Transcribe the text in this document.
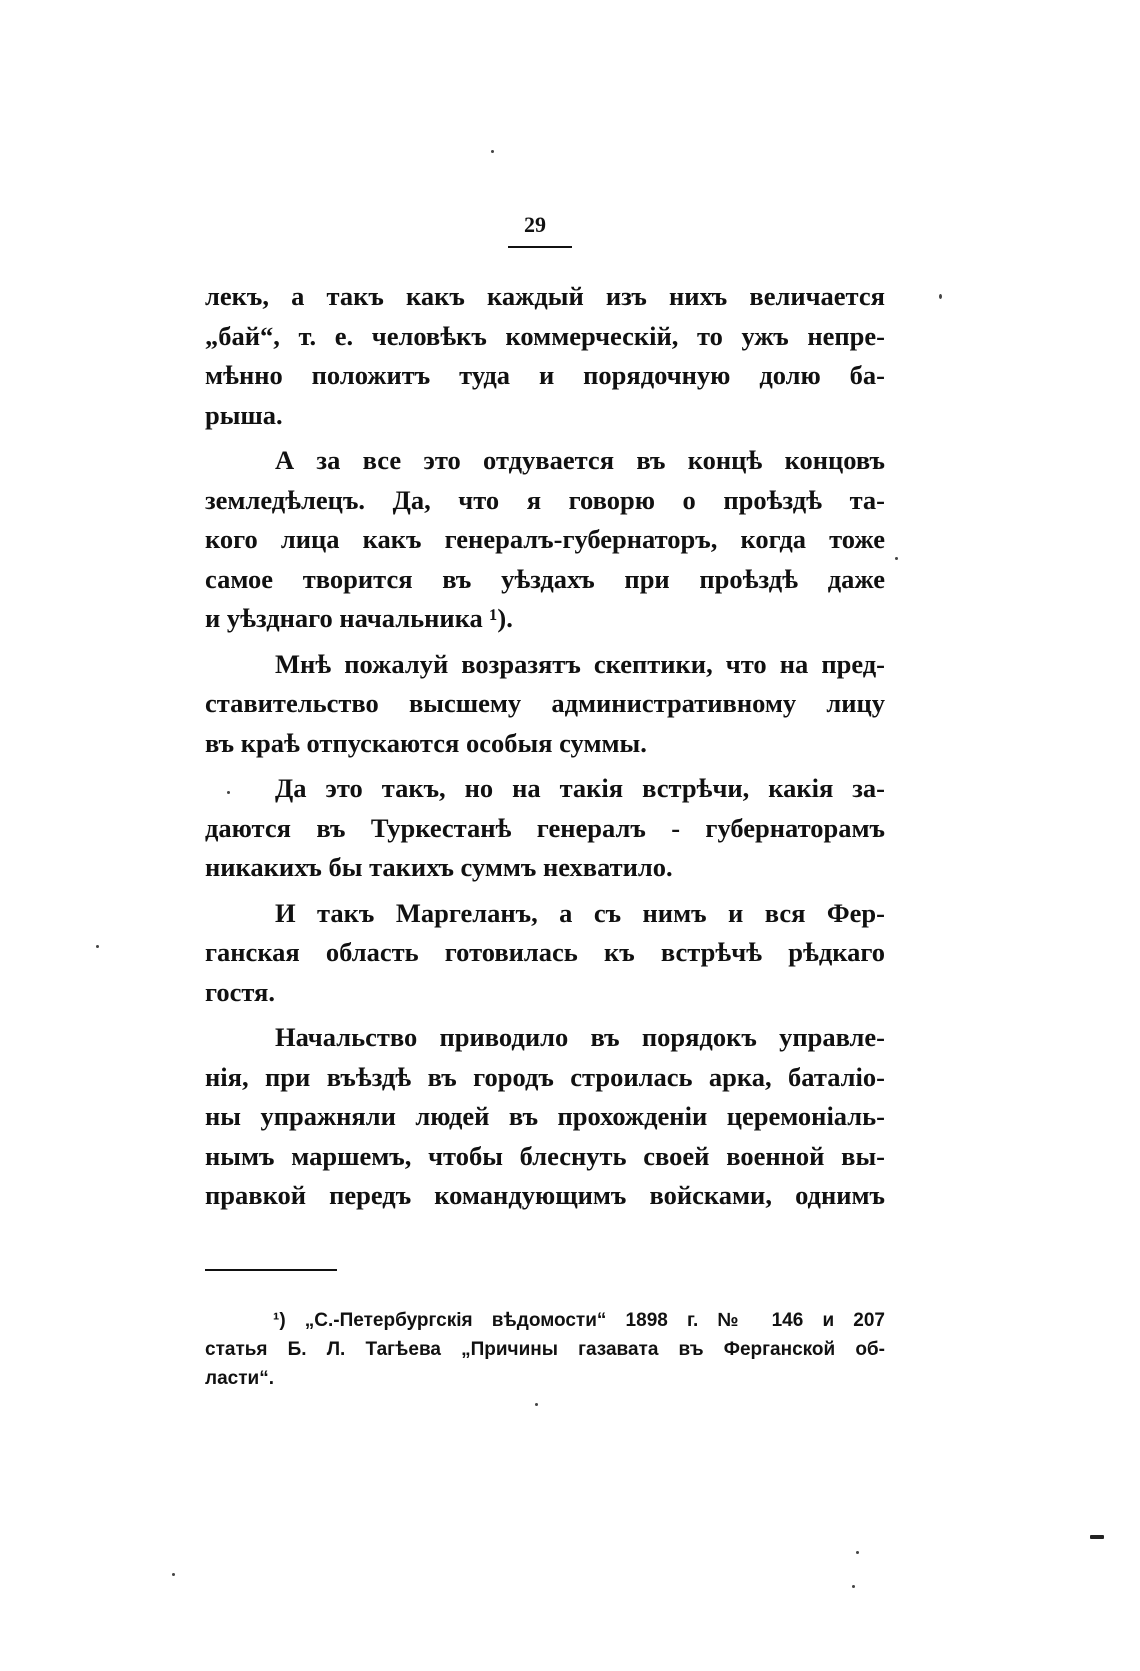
29
лекъ, а такъ какъ каждый изъ нихъ величается
„бай“, т. е. человѣкъ коммерческій, то ужъ непре-
мѣнно положитъ туда и порядочную долю ба-
рыша.
А за все это отдувается въ концѣ концовъ
земледѣлецъ. Да, что я говорю о проѣздѣ та-
кого лица какъ генералъ-губернаторъ, когда тоже
самое творится въ уѣздахъ при проѣздѣ даже
и уѣзднаго начальника ¹).
Мнѣ пожалуй возразятъ скептики, что на пред-
ставительство высшему административному лицу
въ краѣ отпускаются особыя суммы.
Да это такъ, но на такія встрѣчи, какія за-
даются въ Туркестанѣ генералъ - губернаторамъ
никакихъ бы такихъ суммъ нехватило.
И такъ Маргеланъ, а съ нимъ и вся Фер-
ганская область готовилась къ встрѣчѣ рѣдкаго
гостя.
Начальство приводило въ порядокъ управле-
нія, при въѣздѣ въ городъ строилась арка, баталіо-
ны упражняли людей въ прохожденіи церемоніаль-
нымъ маршемъ, чтобы блеснуть своей военной вы-
правкой передъ командующимъ войсками, однимъ
¹) „С.-Петербургскія вѣдомости“ 1898 г. № 146 и 207
статья Б. Л. Тагѣева „Причины газавата въ Ферганской об-
ласти“.
